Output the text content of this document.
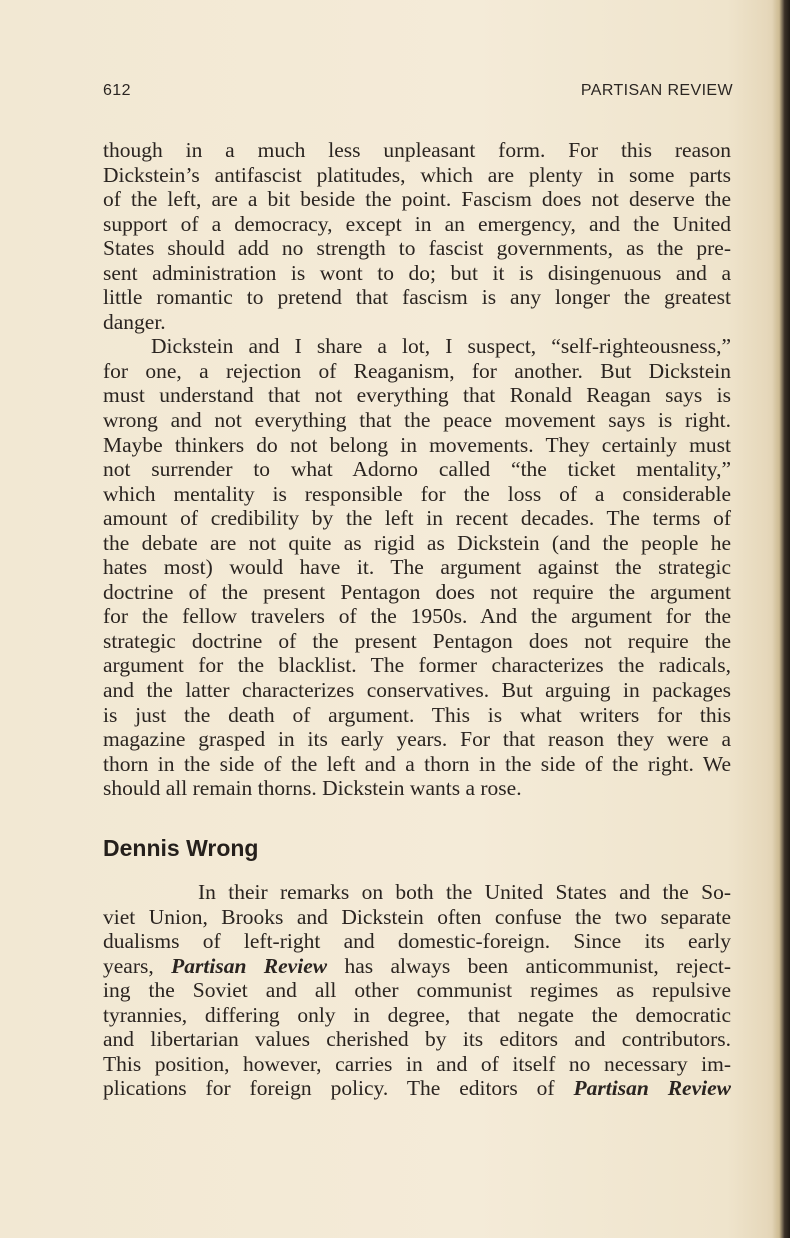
612	PARTISAN REVIEW
though in a much less unpleasant form. For this reason
Dickstein’s antifascist platitudes, which are plenty in some parts
of the left, are a bit beside the point. Fascism does not deserve the
support of a democracy, except in an emergency, and the United
States should add no strength to fascist governments, as the pre-
sent administration is wont to do; but it is disingenuous and a
little romantic to pretend that fascism is any longer the greatest
danger.
Dickstein and I share a lot, I suspect, “self-righteousness,”
for one, a rejection of Reaganism, for another. But Dickstein
must understand that not everything that Ronald Reagan says is
wrong and not everything that the peace movement says is right.
Maybe thinkers do not belong in movements. They certainly must
not surrender to what Adorno called “the ticket mentality,”
which mentality is responsible for the loss of a considerable
amount of credibility by the left in recent decades. The terms of
the debate are not quite as rigid as Dickstein (and the people he
hates most) would have it. The argument against the strategic
doctrine of the present Pentagon does not require the argument
for the fellow travelers of the 1950s. And the argument for the
strategic doctrine of the present Pentagon does not require the
argument for the blacklist. The former characterizes the radicals,
and the latter characterizes conservatives. But arguing in packages
is just the death of argument. This is what writers for this
magazine grasped in its early years. For that reason they were a
thorn in the side of the left and a thorn in the side of the right. We
should all remain thorns. Dickstein wants a rose.
Dennis Wrong
In their remarks on both the United States and the So-
viet Union, Brooks and Dickstein often confuse the two separate
dualisms of left-right and domestic-foreign. Since its early
years, Partisan Review has always been anticommunist, reject-
ing the Soviet and all other communist regimes as repulsive
tyrannies, differing only in degree, that negate the democratic
and libertarian values cherished by its editors and contributors.
This position, however, carries in and of itself no necessary im-
plications for foreign policy. The editors of Partisan Review
